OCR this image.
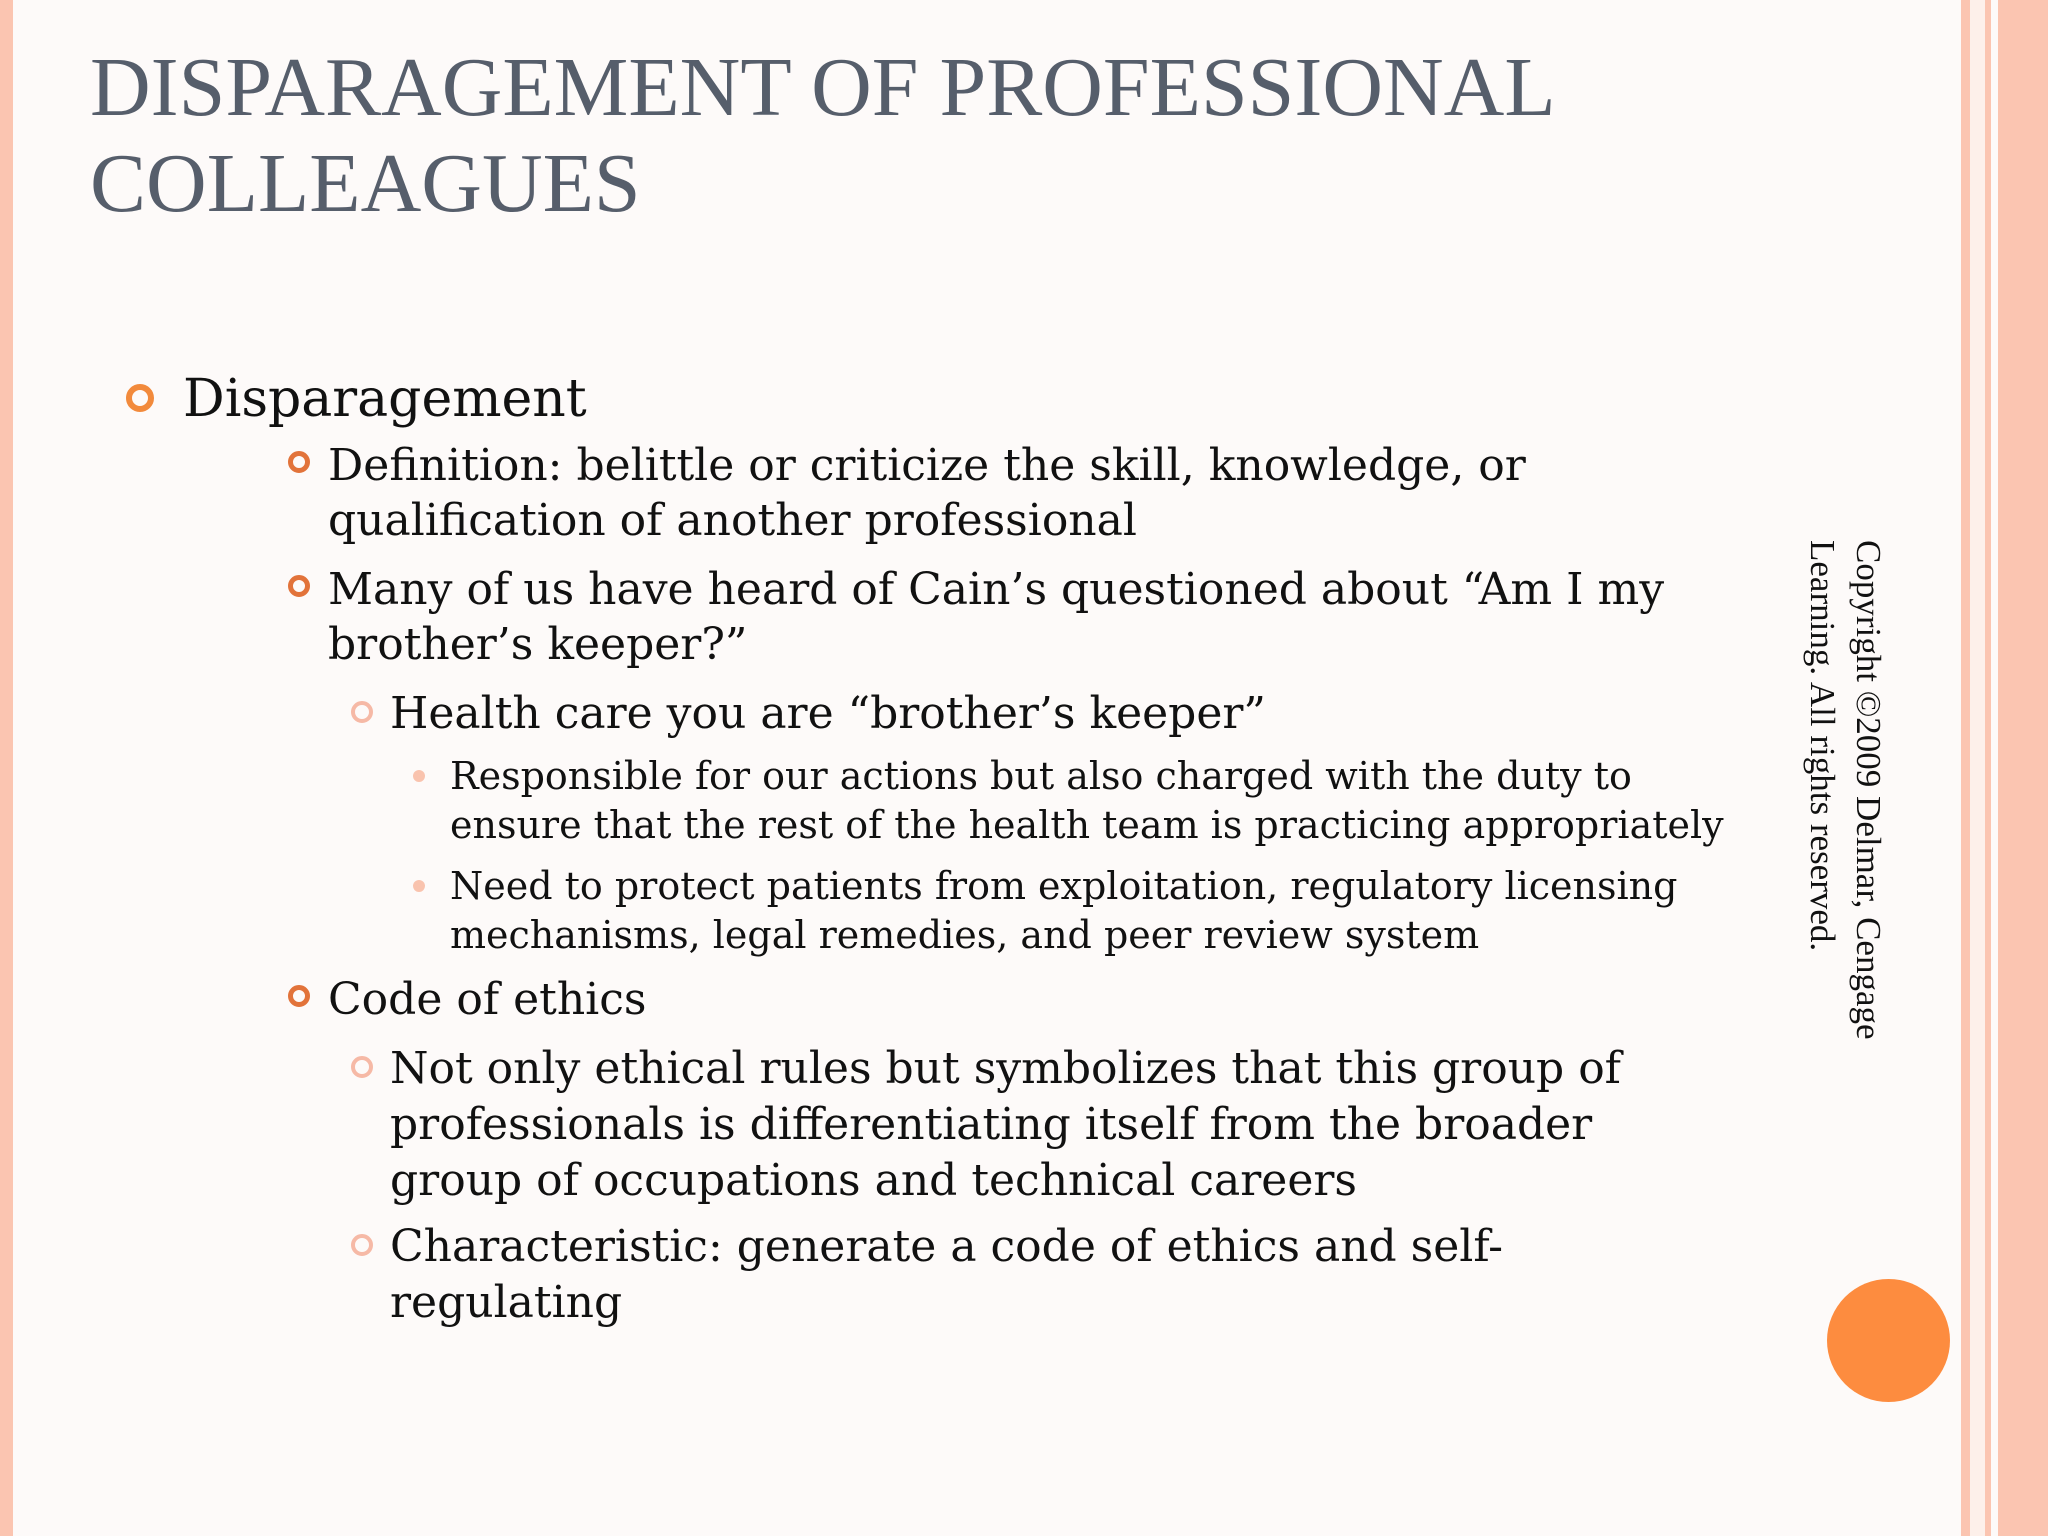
DISPARAGEMENT OF PROFESSIONAL COLLEAGUES
Disparagement
Definition: belittle or criticize the skill, knowledge, or qualification of another professional
Many of us have heard of Cain’s questioned about “Am I my brother’s keeper?”
Health care you are “brother’s keeper”
Responsible for our actions but also charged with the duty to ensure that the rest of the health team is practicing appropriately
Need to protect patients from exploitation, regulatory licensing mechanisms, legal remedies, and peer review system
Code of ethics
Not only ethical rules but symbolizes that this group of professionals is differentiating itself from the broader group of occupations and technical careers
Characteristic: generate a code of ethics and self-regulating
Copyright ©2009 Delmar, Cengage Learning. All rights reserved.
